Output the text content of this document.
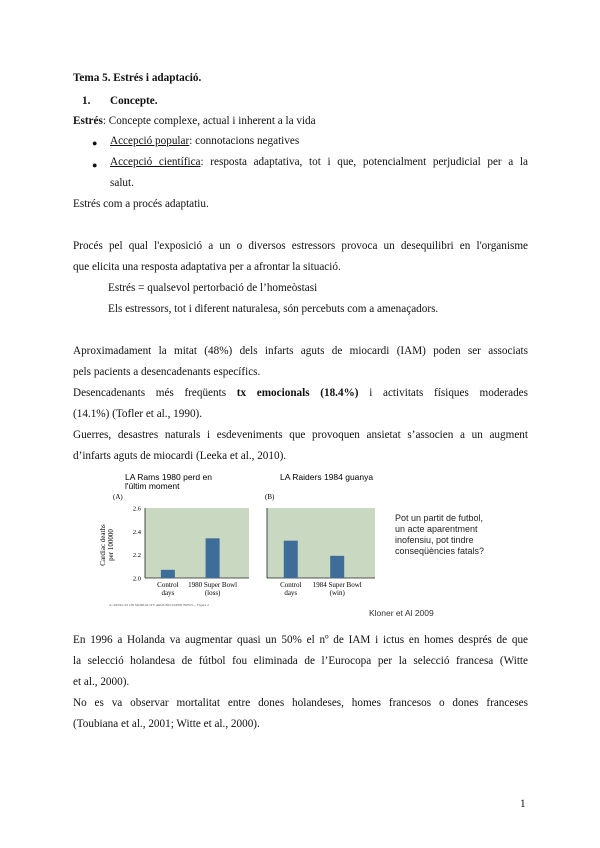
Tema 5. Estrés i adaptació.
1. Concepte.
Estrés: Concepte complexe, actual i inherent a la vida
● Accepció popular: connotacions negatives
● Accepció científica: resposta adaptativa, tot i que, potencialment perjudicial per a la
salut.
Estrés com a procés adaptatiu.
Procés pel qual l'exposició a un o diversos estressors provoca un desequilibri en l'organisme
que elicita una resposta adaptativa per a afrontar la situació.
Estrés = qualsevol pertorbació de l’homeòstasi
Els estressors, tot i diferent naturalesa, són percebuts com a amenaçadors.
Aproximadament la mitat (48%) dels infarts aguts de miocardi (IAM) poden ser associats
pels pacients a desencadenants específics.
Desencadenants més freqüents tx emocionals (18.4%) i activitats físiques moderades
(14.1%) (Tofler et al., 1990).
Guerres, desastres naturals i esdeveniments que provoquen ansietat s’associen a un augment
d’infarts aguts de miocardi (Leeka et al., 2010).
LA Rams 1980 perd en
l'últim moment
LA Raiders 1984 guanya
(A)	(B)
Cardiac deaths per 100000
2.6
2.4
2.2
2.0
Control
days
1980 Super Bowl
(loss)
Control
days
1984 Super Bowl
(win)
A: RESULTS ON MORTALITY AROUND SUPER BOWL... Figure 2
Pot un partit de futbol,
un acte aparentment
inofensiu, pot tindre
conseqüències fatals?
Kloner et Al 2009
En 1996 a Holanda va augmentar quasi un 50% el nº de IAM i ictus en homes després de que
la selecció holandesa de fútbol fou eliminada de l’Eurocopa per la selecció francesa (Witte
et al., 2000).
No es va observar mortalitat entre dones holandeses, homes francesos o dones franceses
(Toubiana et al., 2001; Witte et al., 2000).
1
